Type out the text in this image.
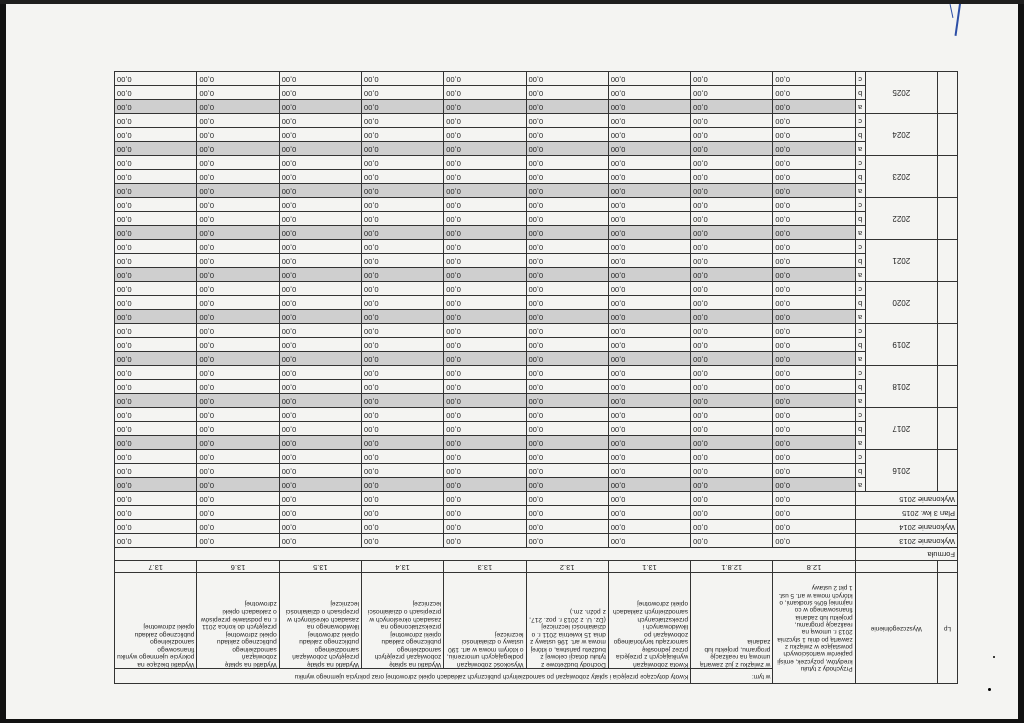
Lp	Wyszczególnienie		Przychody z tytułu kredytów, pożyczek, emisji papierów wartościowych powstające w związku z zawartą po dniu 1 stycznia 2013 r. umową na realizację programu, projektu lub zadania finansowanego w co najmniej 60% środkami, o których mowa w art. 5 ust. 1 pkt 2 ustawy	w tym:	Kwoty dotyczące przejęcia i spłaty zobowiązań po samodzielnych publicznych zakładach opieki zdrowotnej oraz pokrycia ujemnego wyniku						
				w związku z już zawartą umową na realizację programu, projektu lub zadania	Kwota zobowiązań wynikających z przejęcia przez jednostkę samorządu terytorialnego zobowiązań po likwidowanych i przekształcanych samodzielnych zakładach opieki zdrowotnej	Dochody budżetowe z tytułu dotacji celowej z budżetu państwa, o której mowa w art. 196 ustawy z dnia 15 kwietnia 2011 r. o działalności leczniczej (Dz. U. z 2013 r. poz. 217, z późn. zm.)	Wysokość zobowiązań podlegających umorzeniu, o którym mowa w art. 190 ustawy o działalności leczniczej	Wydatki na spłatę zobowiązań przejętych samodzielnego publicznego zakładu opieki zdrowotnej przekształconego na zasadach określonych w przepisach o działalności leczniczej	Wydatki na spłatę przejętych zobowiązań samodzielnego publicznego zakładu opieki zdrowotnej likwidowanego na zasadach określonych w przepisach o działalności leczniczej	Wydatki na spłatę zobowiązań samodzielnego publicznego zakładu opieki zdrowotnej przejętych do końca 2011 r. na podstawie przepisów o zakładach opieki zdrowotnej	Wydatki bieżące na pokrycie ujemnego wyniku finansowego samodzielnego publicznego zakładu opieki zdrowotnej
			12.8	12.8.1	13.1	13.2	13.3	13.4	13.5	13.6	13.7
Formuła											
Wykonanie 2013			0,00	0,00	0,00	0,00	0,00	0,00	0,00	0,00	0,00
Wykonanie 2014			0,00	0,00	0,00	0,00	0,00	0,00	0,00	0,00	0,00
Plan 3 kw. 2015			0,00	0,00	0,00	0,00	0,00	0,00	0,00	0,00	0,00
Wykonanie 2015			0,00	0,00	0,00	0,00	0,00	0,00	0,00	0,00	0,00
	2016	a	0,00	0,00	0,00	0,00	0,00	0,00	0,00	0,00	0,00
		b	0,00	0,00	0,00	0,00	0,00	0,00	0,00	0,00	0,00
		c	0,00	0,00	0,00	0,00	0,00	0,00	0,00	0,00	0,00
	2017	a	0,00	0,00	0,00	0,00	0,00	0,00	0,00	0,00	0,00
		b	0,00	0,00	0,00	0,00	0,00	0,00	0,00	0,00	0,00
		c	0,00	0,00	0,00	0,00	0,00	0,00	0,00	0,00	0,00
	2018	a	0,00	0,00	0,00	0,00	0,00	0,00	0,00	0,00	0,00
		b	0,00	0,00	0,00	0,00	0,00	0,00	0,00	0,00	0,00
		c	0,00	0,00	0,00	0,00	0,00	0,00	0,00	0,00	0,00
	2019	a	0,00	0,00	0,00	0,00	0,00	0,00	0,00	0,00	0,00
		b	0,00	0,00	0,00	0,00	0,00	0,00	0,00	0,00	0,00
		c	0,00	0,00	0,00	0,00	0,00	0,00	0,00	0,00	0,00
	2020	a	0,00	0,00	0,00	0,00	0,00	0,00	0,00	0,00	0,00
		b	0,00	0,00	0,00	0,00	0,00	0,00	0,00	0,00	0,00
		c	0,00	0,00	0,00	0,00	0,00	0,00	0,00	0,00	0,00
	2021	a	0,00	0,00	0,00	0,00	0,00	0,00	0,00	0,00	0,00
		b	0,00	0,00	0,00	0,00	0,00	0,00	0,00	0,00	0,00
		c	0,00	0,00	0,00	0,00	0,00	0,00	0,00	0,00	0,00
	2022	a	0,00	0,00	0,00	0,00	0,00	0,00	0,00	0,00	0,00
		b	0,00	0,00	0,00	0,00	0,00	0,00	0,00	0,00	0,00
		c	0,00	0,00	0,00	0,00	0,00	0,00	0,00	0,00	0,00
	2023	a	0,00	0,00	0,00	0,00	0,00	0,00	0,00	0,00	0,00
		b	0,00	0,00	0,00	0,00	0,00	0,00	0,00	0,00	0,00
		c	0,00	0,00	0,00	0,00	0,00	0,00	0,00	0,00	0,00
	2024	a	0,00	0,00	0,00	0,00	0,00	0,00	0,00	0,00	0,00
		b	0,00	0,00	0,00	0,00	0,00	0,00	0,00	0,00	0,00
		c	0,00	0,00	0,00	0,00	0,00	0,00	0,00	0,00	0,00
	2025	a	0,00	0,00	0,00	0,00	0,00	0,00	0,00	0,00	0,00
		b	0,00	0,00	0,00	0,00	0,00	0,00	0,00	0,00	0,00
		c	0,00	0,00	0,00	0,00	0,00	0,00	0,00	0,00	0,00
